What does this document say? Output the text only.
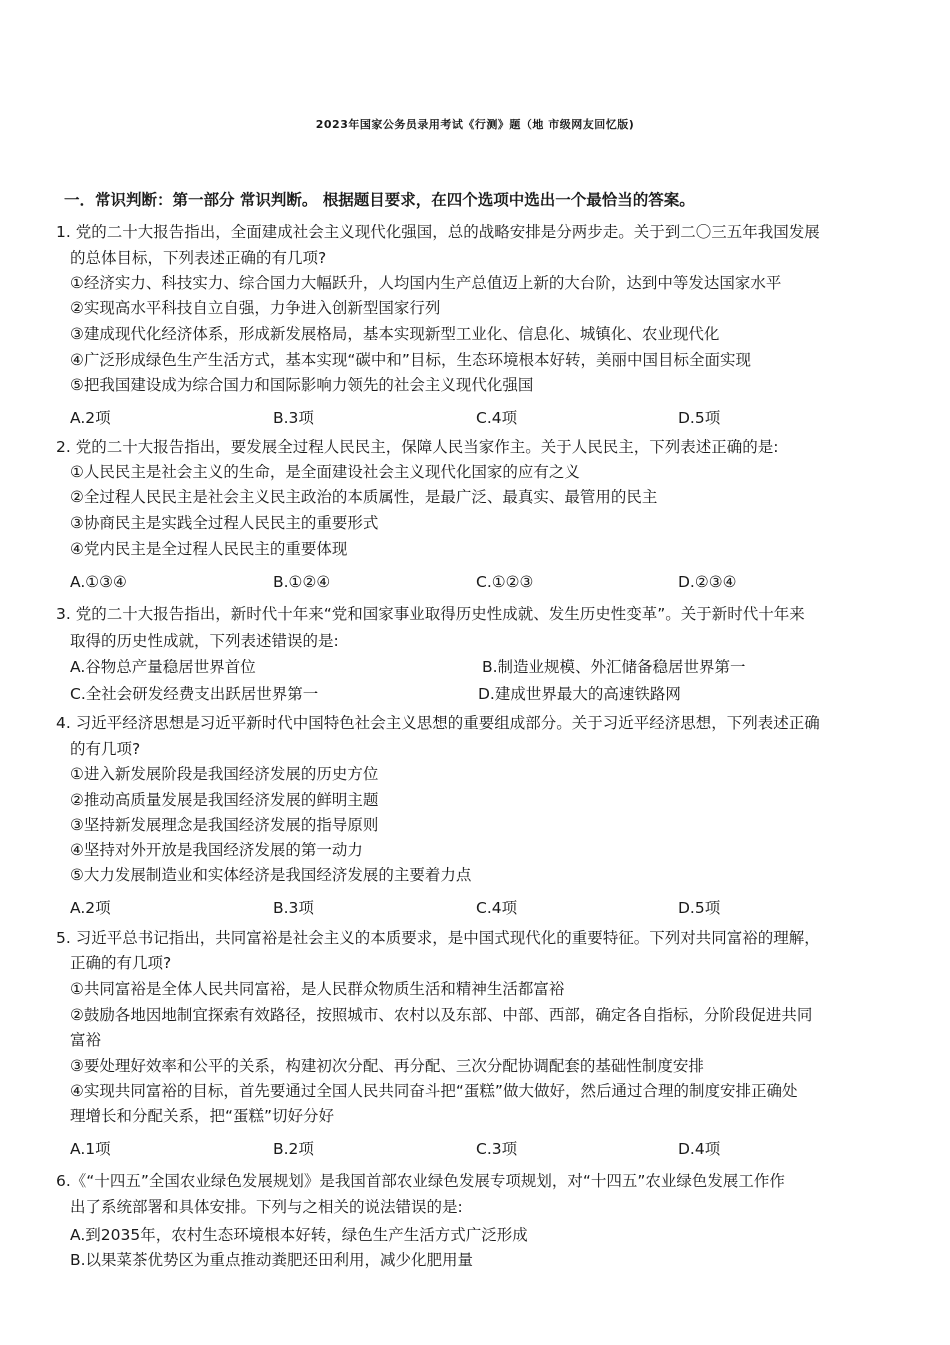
2023年国家公务员录用考试《行测》题（地 市级网友回忆版)
一．常识判断：第一部分 常识判断。 根据题目要求，在四个选项中选出一个最恰当的答案。
1. 党的二十大报告指出，全面建成社会主义现代化强国，总的战略安排是分两步走。关于到二〇三五年我国发展
的总体目标，下列表述正确的有几项?
①经济实力、科技实力、综合国力大幅跃升，人均国内生产总值迈上新的大台阶，达到中等发达国家水平
②实现高水平科技自立自强，力争进入创新型国家行列
③建成现代化经济体系，形成新发展格局，基本实现新型工业化、信息化、城镇化、农业现代化
④广泛形成绿色生产生活方式，基本实现“碳中和”目标，生态环境根本好转，美丽中国目标全面实现
⑤把我国建设成为综合国力和国际影响力领先的社会主义现代化强国
A.2项	B.3项	C.4项	D.5项
2. 党的二十大报告指出，要发展全过程人民民主，保障人民当家作主。关于人民民主，下列表述正确的是:
①人民民主是社会主义的生命，是全面建设社会主义现代化国家的应有之义
②全过程人民民主是社会主义民主政治的本质属性，是最广泛、最真实、最管用的民主
③协商民主是实践全过程人民民主的重要形式
④党内民主是全过程人民民主的重要体现
A.①③④	B.①②④	C.①②③	D.②③④
3. 党的二十大报告指出，新时代十年来“党和国家事业取得历史性成就、发生历史性变革”。关于新时代十年来
取得的历史性成就，下列表述错误的是:
A.谷物总产量稳居世界首位	B.制造业规模、外汇储备稳居世界第一
C.全社会研发经费支出跃居世界第一	D.建成世界最大的高速铁路网
4. 习近平经济思想是习近平新时代中国特色社会主义思想的重要组成部分。关于习近平经济思想，下列表述正确
的有几项?
①进入新发展阶段是我国经济发展的历史方位
②推动高质量发展是我国经济发展的鲜明主题
③坚持新发展理念是我国经济发展的指导原则
④坚持对外开放是我国经济发展的第一动力
⑤大力发展制造业和实体经济是我国经济发展的主要着力点
A.2项	B.3项	C.4项	D.5项
5. 习近平总书记指出，共同富裕是社会主义的本质要求，是中国式现代化的重要特征。下列对共同富裕的理解，
正确的有几项?
①共同富裕是全体人民共同富裕，是人民群众物质生活和精神生活都富裕
②鼓励各地因地制宜探索有效路径，按照城市、农村以及东部、中部、西部，确定各自指标，分阶段促进共同
富裕
③要处理好效率和公平的关系，构建初次分配、再分配、三次分配协调配套的基础性制度安排
④实现共同富裕的目标，首先要通过全国人民共同奋斗把“蛋糕”做大做好，然后通过合理的制度安排正确处
理增长和分配关系，把“蛋糕”切好分好
A.1项	B.2项	C.3项	D.4项
6.《“十四五”全国农业绿色发展规划》是我国首部农业绿色发展专项规划，对“十四五”农业绿色发展工作作
出了系统部署和具体安排。下列与之相关的说法错误的是:
A.到2035年，农村生态环境根本好转，绿色生产生活方式广泛形成
B.以果菜茶优势区为重点推动粪肥还田利用，减少化肥用量
